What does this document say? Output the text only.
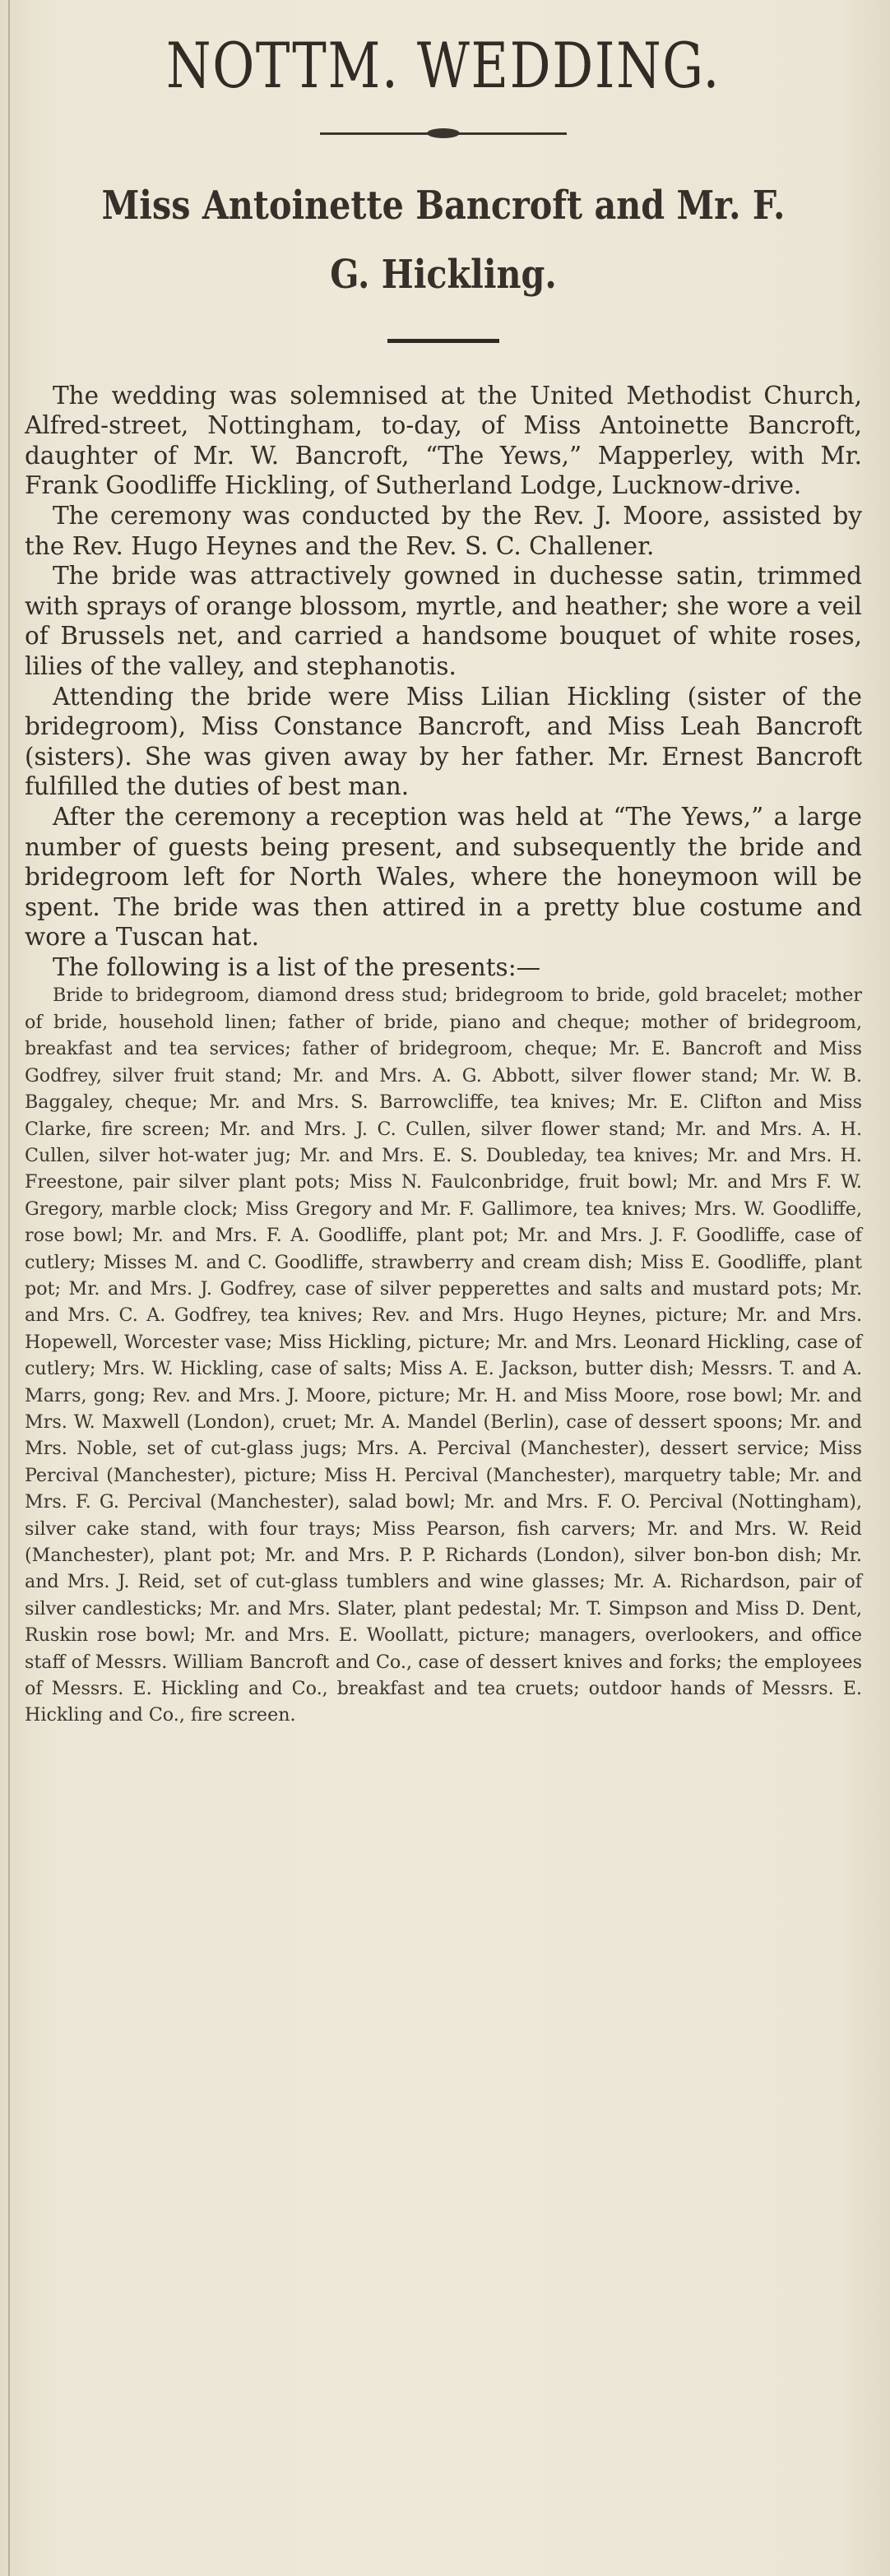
NOTTM. WEDDING.
Miss Antoinette Bancroft and Mr. F. G. Hickling.

The wedding was solemnised at the United Methodist Church, Alfred-street, Nottingham, to-day, of Miss Antoinette Bancroft, daughter of Mr. W. Bancroft, “The Yews,” Mapperley, with Mr. Frank Goodliffe Hickling, of Sutherland Lodge, Lucknow-drive.

The ceremony was conducted by the Rev. J. Moore, assisted by the Rev. Hugo Heynes and the Rev. S. C. Challener.

The bride was attractively gowned in duchesse satin, trimmed with sprays of orange blossom, myrtle, and heather; she wore a veil of Brussels net, and carried a handsome bouquet of white roses, lilies of the valley, and stephanotis.

Attending the bride were Miss Lilian Hickling (sister of the bridegroom), Miss Constance Bancroft, and Miss Leah Bancroft (sisters). She was given away by her father. Mr. Ernest Bancroft fulfilled the duties of best man.

After the ceremony a reception was held at “The Yews,” a large number of guests being present, and subsequently the bride and bridegroom left for North Wales, where the honeymoon will be spent. The bride was then attired in a pretty blue costume and wore a Tuscan hat.

The following is a list of the presents:—

Bride to bridegroom, diamond dress stud; bridegroom to bride, gold bracelet; mother of bride, household linen; father of bride, piano and cheque; mother of bridegroom, breakfast and tea services; father of bridegroom, cheque; Mr. E. Bancroft and Miss Godfrey, silver fruit stand; Mr. and Mrs. A. G. Abbott, silver flower stand; Mr. W. B. Baggaley, cheque; Mr. and Mrs. S. Barrowcliffe, tea knives; Mr. E. Clifton and Miss Clarke, fire screen; Mr. and Mrs. J. C. Cullen, silver flower stand; Mr. and Mrs. A. H. Cullen, silver hot-water jug; Mr. and Mrs. E. S. Doubleday, tea knives; Mr. and Mrs. H. Freestone, pair silver plant pots; Miss N. Faulconbridge, fruit bowl; Mr. and Mrs F. W. Gregory, marble clock; Miss Gregory and Mr. F. Gallimore, tea knives; Mrs. W. Goodliffe, rose bowl; Mr. and Mrs. F. A. Goodliffe, plant pot; Mr. and Mrs. J. F. Goodliffe, case of cutlery; Misses M. and C. Goodliffe, strawberry and cream dish; Miss E. Goodliffe, plant pot; Mr. and Mrs. J. Godfrey, case of silver pepperettes and salts and mustard pots; Mr. and Mrs. C. A. Godfrey, tea knives; Rev. and Mrs. Hugo Heynes, picture; Mr. and Mrs. Hopewell, Worcester vase; Miss Hickling, picture; Mr. and Mrs. Leonard Hickling, case of cutlery; Mrs. W. Hickling, case of salts; Miss A. E. Jackson, butter dish; Messrs. T. and A. Marrs, gong; Rev. and Mrs. J. Moore, picture; Mr. H. and Miss Moore, rose bowl; Mr. and Mrs. W. Maxwell (London), cruet; Mr. A. Mandel (Berlin), case of dessert spoons; Mr. and Mrs. Noble, set of cut-glass jugs; Mrs. A. Percival (Manchester), dessert service; Miss Percival (Manchester), picture; Miss H. Percival (Manchester), marquetry table; Mr. and Mrs. F. G. Percival (Manchester), salad bowl; Mr. and Mrs. F. O. Percival (Nottingham), silver cake stand, with four trays; Miss Pearson, fish carvers; Mr. and Mrs. W. Reid (Manchester), plant pot; Mr. and Mrs. P. P. Richards (London), silver bon-bon dish; Mr. and Mrs. J. Reid, set of cut-glass tumblers and wine glasses; Mr. A. Richardson, pair of silver candlesticks; Mr. and Mrs. Slater, plant pedestal; Mr. T. Simpson and Miss D. Dent, Ruskin rose bowl; Mr. and Mrs. E. Woollatt, picture; managers, overlookers, and office staff of Messrs. William Bancroft and Co., case of dessert knives and forks; the employees of Messrs. E. Hickling and Co., breakfast and tea cruets; outdoor hands of Messrs. E. Hickling and Co., fire screen.
